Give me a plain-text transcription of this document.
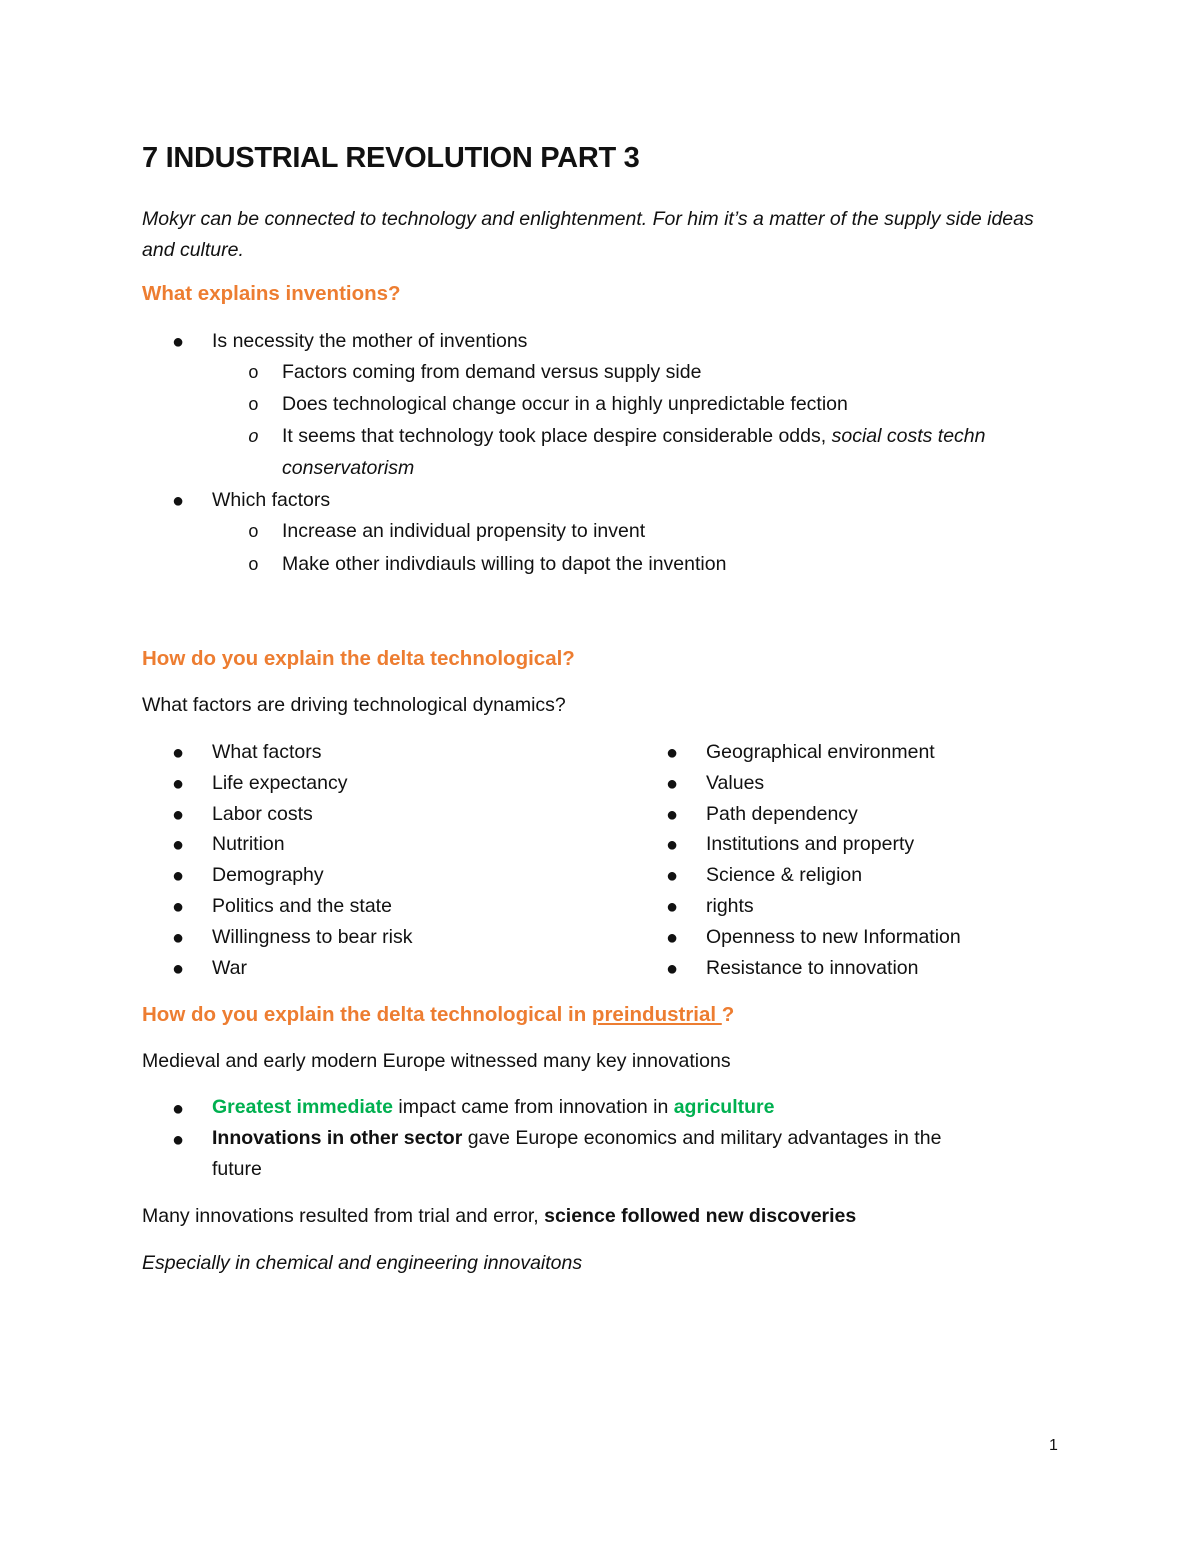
7 INDUSTRIAL REVOLUTION PART 3
Mokyr can be connected to technology and enlightenment. For him it’s a matter of the supply side ideas and culture.
What explains inventions?
● Is necessity the mother of inventions
o Factors coming from demand versus supply side
o Does technological change occur in a highly unpredictable fection
o It seems that technology took place despire considerable odds, social costs techn
conservatorism
● Which factors
o Increase an individual propensity to invent
o Make other indivdiauls willing to dapot the invention
How do you explain the delta technological?
What factors are driving technological dynamics?
● What factors
● Life expectancy
● Labor costs
● Nutrition
● Demography
● Politics and the state
● Willingness to bear risk
● War
● Geographical environment
● Values
● Path dependency
● Institutions and property
● Science & religion
● rights
● Openness to new Information
● Resistance to innovation
How do you explain the delta technological in preindustrial ?
Medieval and early modern Europe witnessed many key innovations
● Greatest immediate impact came from innovation in agriculture
● Innovations in other sector gave Europe economics and military advantages in the
future
Many innovations resulted from trial and error, science followed new discoveries
Especially in chemical and engineering innovaitons
1
